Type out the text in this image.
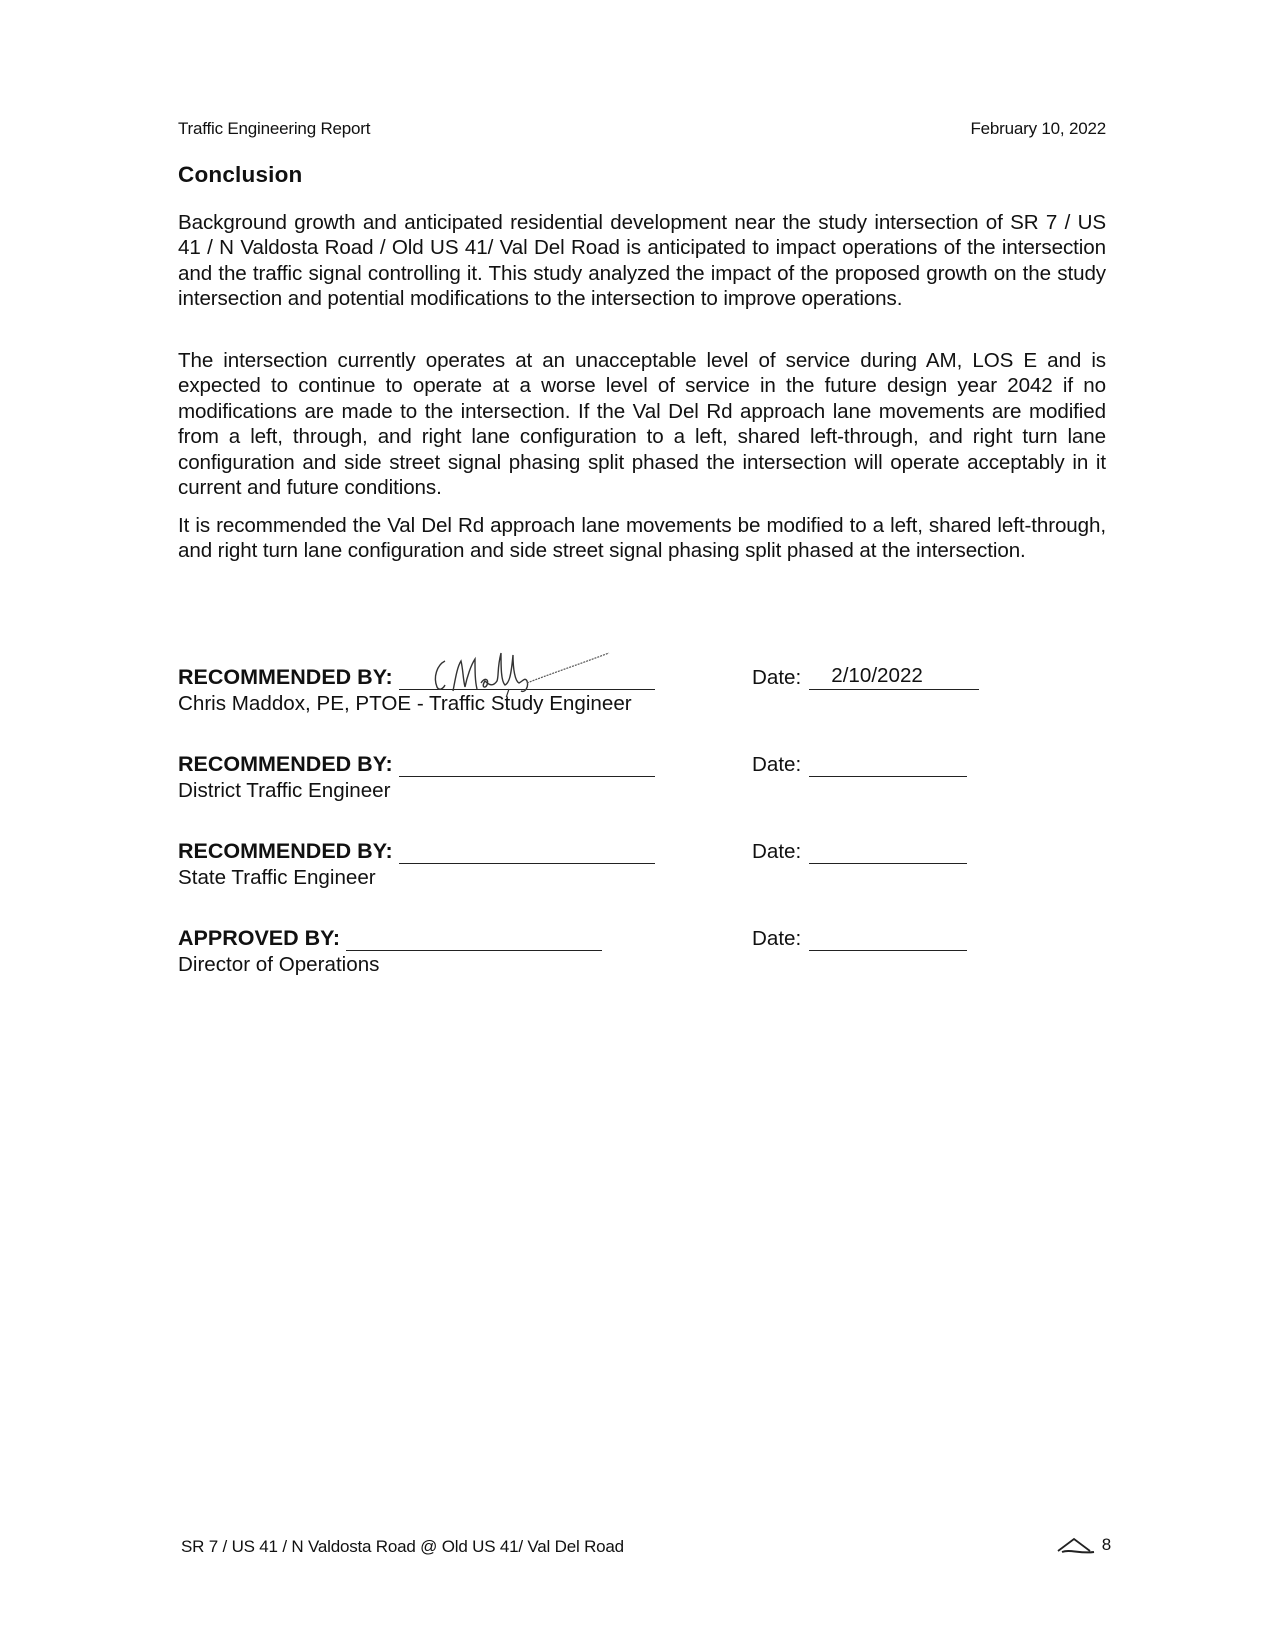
Traffic Engineering Report	February 10, 2022
Conclusion

Background growth and anticipated residential development near the study intersection of SR 7 / US 41 / N Valdosta Road / Old US 41/ Val Del Road is anticipated to impact operations of the intersection and the traffic signal controlling it. This study analyzed the impact of the proposed growth on the study intersection and potential modifications to the intersection to improve operations.

The intersection currently operates at an unacceptable level of service during AM, LOS E and is expected to continue to operate at a worse level of service in the future design year 2042 if no modifications are made to the intersection. If the Val Del Rd approach lane movements are modified from a left, through, and right lane configuration to a left, shared left-through, and right turn lane configuration and side street signal phasing split phased the intersection will operate acceptably in it current and future conditions.

It is recommended the Val Del Rd approach lane movements be modified to a left, shared left-through, and right turn lane configuration and side street signal phasing split phased at the intersection.

RECOMMENDED BY:
Chris Maddox, PE, PTOE - Traffic Study Engineer
Date: 2/10/2022
RECOMMENDED BY:
District Traffic Engineer
Date:
RECOMMENDED BY:
State Traffic Engineer
Date:
APPROVED BY:
Director of Operations
Date:
SR 7 / US 41 / N Valdosta Road @ Old US 41/ Val Del Road	8
